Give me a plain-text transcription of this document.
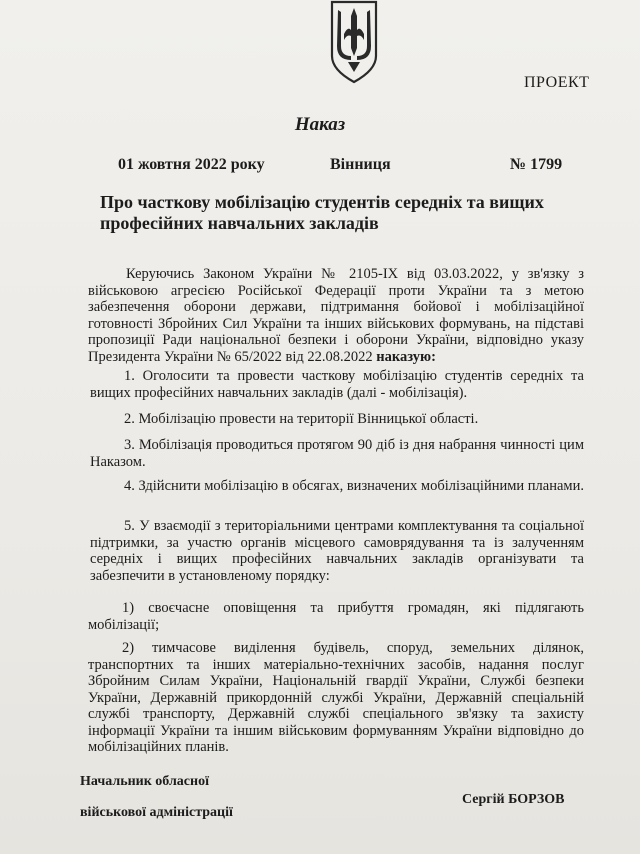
ПРОЕКТ
Наказ
01 жовтня 2022 року	Вінниця	№ 1799
Про часткову мобілізацію студентів середніх та вищих професійних навчальних закладів
Керуючись Законом України № 2105-IX від 03.03.2022, у зв'язку з військовою агресією Російської Федерації проти України та з метою забезпечення оборони держави, підтримання бойової і мобілізаційної готовності Збройних Сил України та інших військових формувань, на підставі пропозиції Ради національної безпеки і оборони України, відповідно указу Президента України № 65/2022 від 22.08.2022 наказую:
1. Оголосити та провести часткову мобілізацію студентів середніх та вищих професійних навчальних закладів (далі - мобілізація).
2. Мобілізацію провести на території Вінницької області.
3. Мобілізація проводиться протягом 90 діб із дня набрання чинності цим Наказом.
4. Здійснити мобілізацію в обсягах, визначених мобілізаційними планами.
5. У взаємодії з територіальними центрами комплектування та соціальної підтримки, за участю органів місцевого самоврядування та із залученням середніх і вищих професійних навчальних закладів організувати та забезпечити в установленому порядку:
1) своєчасне оповіщення та прибуття громадян, які підлягають мобілізації;
2) тимчасове виділення будівель, споруд, земельних ділянок, транспортних та інших матеріально-технічних засобів, надання послуг Збройним Силам України, Національній гвардії України, Службі безпеки України, Державній прикордонній службі України, Державній спеціальній службі транспорту, Державній службі спеціального зв'язку та захисту інформації України та іншим військовим формуванням України відповідно до мобілізаційних планів.
Начальник обласної
військової адміністрації
Сергій БОРЗОВ
